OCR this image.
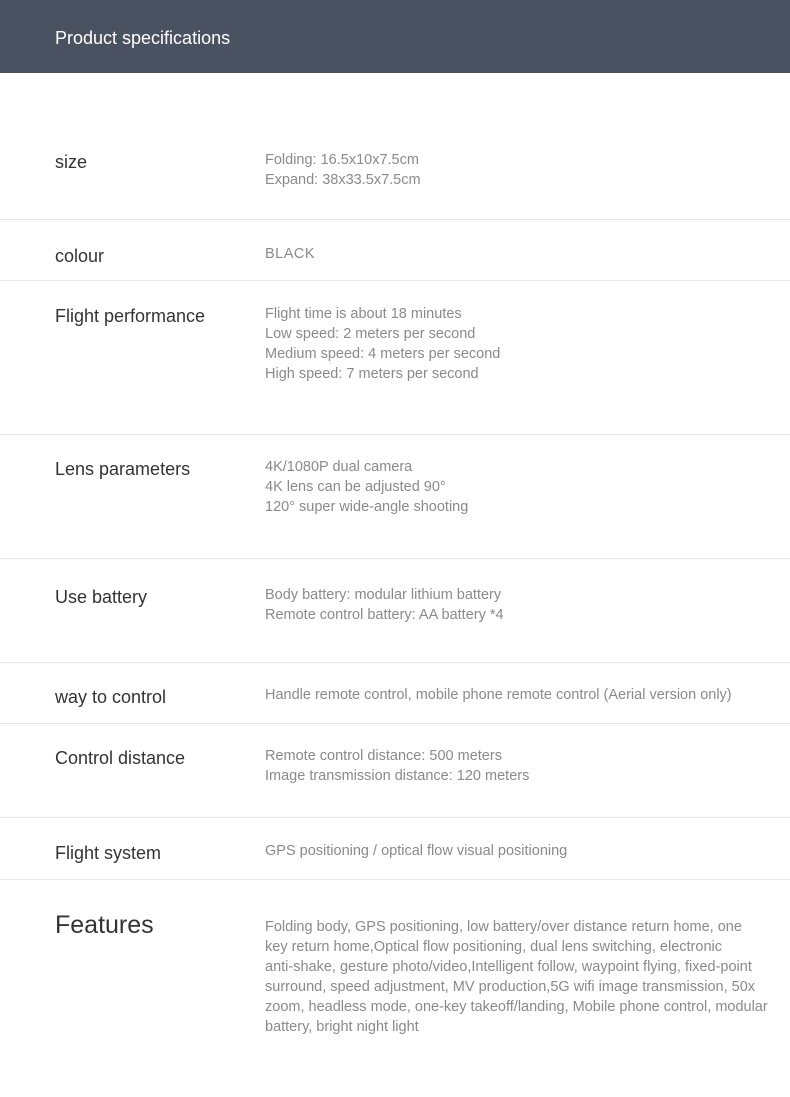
Product specifications
size	Folding: 16.5x10x7.5cm
Expand: 38x33.5x7.5cm
colour	BLACK
Flight performance	Flight time is about 18 minutes
Low speed: 2 meters per second
Medium speed: 4 meters per second
High speed: 7 meters per second
Lens parameters	4K/1080P dual camera
4K lens can be adjusted 90°
120° super wide-angle shooting
Use battery	Body battery: modular lithium battery
Remote control battery: AA battery *4
way to control	Handle remote control, mobile phone remote control (Aerial version only)
Control distance	Remote control distance: 500 meters
Image transmission distance: 120 meters
Flight system	GPS positioning / optical flow visual positioning
Features	Folding body, GPS positioning, low battery/over distance return home, one
key return home,Optical flow positioning, dual lens switching, electronic
anti-shake, gesture photo/video,Intelligent follow, waypoint flying, fixed-point
surround, speed adjustment, MV production,5G wifi image transmission, 50x
zoom, headless mode, one-key takeoff/landing, Mobile phone control, modular
battery, bright night light
